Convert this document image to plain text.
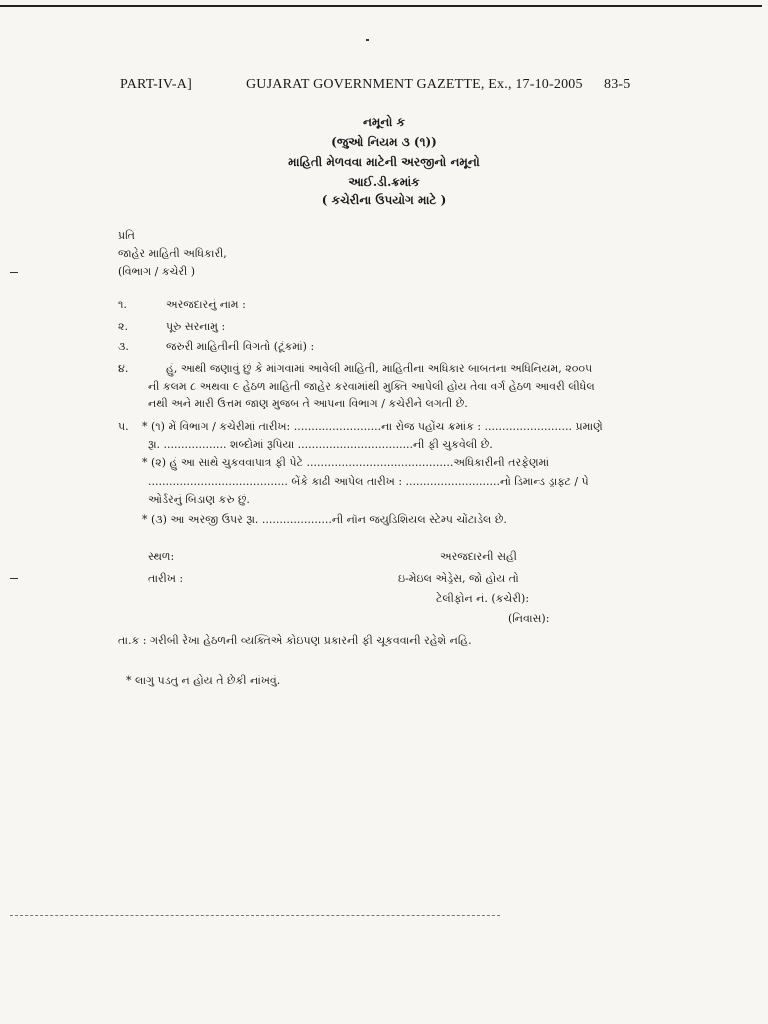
PART-IV-A]	GUJARAT GOVERNMENT GAZETTE, Ex., 17-10-2005 83-5
નમૂનો ક
(જુઓ નિયમ ૩ (૧))
માહિતી મેળવવા માટેની અરજીનો નમૂનો
આઈ.ડી.ક્રમાંક
( કચેરીના ઉપયોગ માટે )
પ્રતિ
જાહેર માહિતી અધિકારી,
(વિભાગ / કચેરી )
૧.	અરજદારનું નામ :
૨.	પૂરુ સરનામુ :
૩.	જરુરી માહિતીની વિગતો (ટૂંકમાં) :
૪.	હું, આથી જણાવું છું કે માંગવામાં આવેલી માહિતી, માહિતીના અધિકાર બાબતના અધિનિયમ, ૨૦૦૫
ની કલમ ૮ અથવા ૯ હેઠળ માહિતી જાહેર કરવામાંથી મુક્તિ આપેલી હોય તેવા વર્ગ હેઠળ આવરી લીધેલ
નથી અને મારી ઉત્તમ જાણ મુજબ તે આપના વિભાગ / કચેરીને લગતી છે.
પ. * (૧) મેં વિભાગ / કચેરીમાં તારીખ: .........................ના રોજ પહોંચ ક્રમાંક : ......................... પ્રમાણે
રૂા. .................. શબ્દોમાં રૂપિયા .................................ની ફી ચુકવેલી છે.
* (૨) હું આ સાથે ચુકવવાપાત્ર ફી પેટે ..........................................અધિકારીની તરફેણમાં
........................................ બેંકે કાઢી આપેલ તારીખ : ...........................નો ડિમાન્ડ ડ્રાફ્ટ / પે
ઓર્ડરનું બિડાણ કરુ છું.
* (૩) આ અરજી ઉપર રૂા. ....................ની નૉન જયુડિશિયલ સ્ટેમ્પ ચોંટાડેલ છે.
સ્થળ:
તારીખ :
અરજદારની સહી
ઇ-મેઇલ એડ્રેસ, જો હોય તો
ટેલીફોન નં. (કચેરી):
(નિવાસ):
તા.ક : ગરીબી રેખા હેઠળની વ્યક્તિએ કોઇપણ પ્રકારની ફી ચૂકવવાની રહેશે નહિ.
* લાગુ પડતુ ન હોય તે છેકી નાંખવું.
